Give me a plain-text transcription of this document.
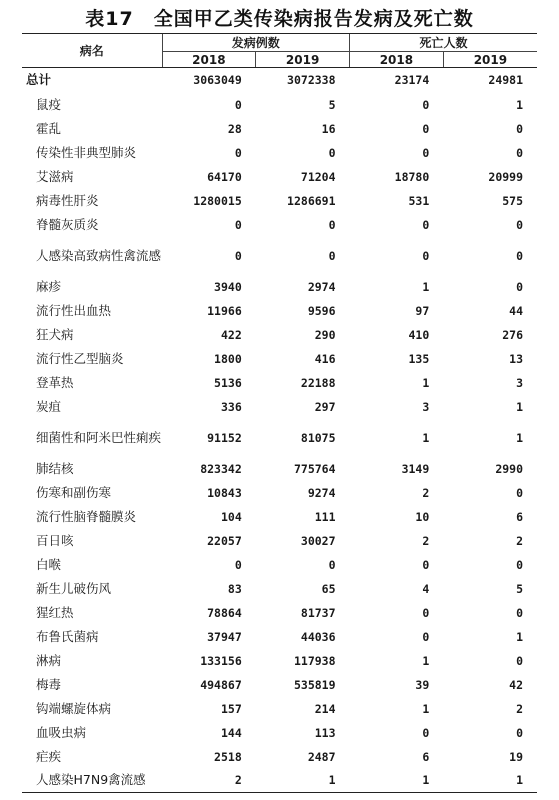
表17　全国甲乙类传染病报告发病及死亡数
病名	发病例数		死亡人数	
	2018	2019	2018	2019
总计	3063049	3072338	23174	24981
鼠疫	0	5	0	1
霍乱	28	16	0	0
传染性非典型肺炎	0	0	0	0
艾滋病	64170	71204	18780	20999
病毒性肝炎	1280015	1286691	531	575
脊髓灰质炎	0	0	0	0
人感染高致病性禽流感	0	0	0	0
麻疹	3940	2974	1	0
流行性出血热	11966	9596	97	44
狂犬病	422	290	410	276
流行性乙型脑炎	1800	416	135	13
登革热	5136	22188	1	3
炭疽	336	297	3	1
细菌性和阿米巴性痢疾	91152	81075	1	1
肺结核	823342	775764	3149	2990
伤寒和副伤寒	10843	9274	2	0
流行性脑脊髓膜炎	104	111	10	6
百日咳	22057	30027	2	2
白喉	0	0	0	0
新生儿破伤风	83	65	4	5
猩红热	78864	81737	0	0
布鲁氏菌病	37947	44036	0	1
淋病	133156	117938	1	0
梅毒	494867	535819	39	42
钩端螺旋体病	157	214	1	2
血吸虫病	144	113	0	0
疟疾	2518	2487	6	19
人感染H7N9禽流感	2	1	1	1
